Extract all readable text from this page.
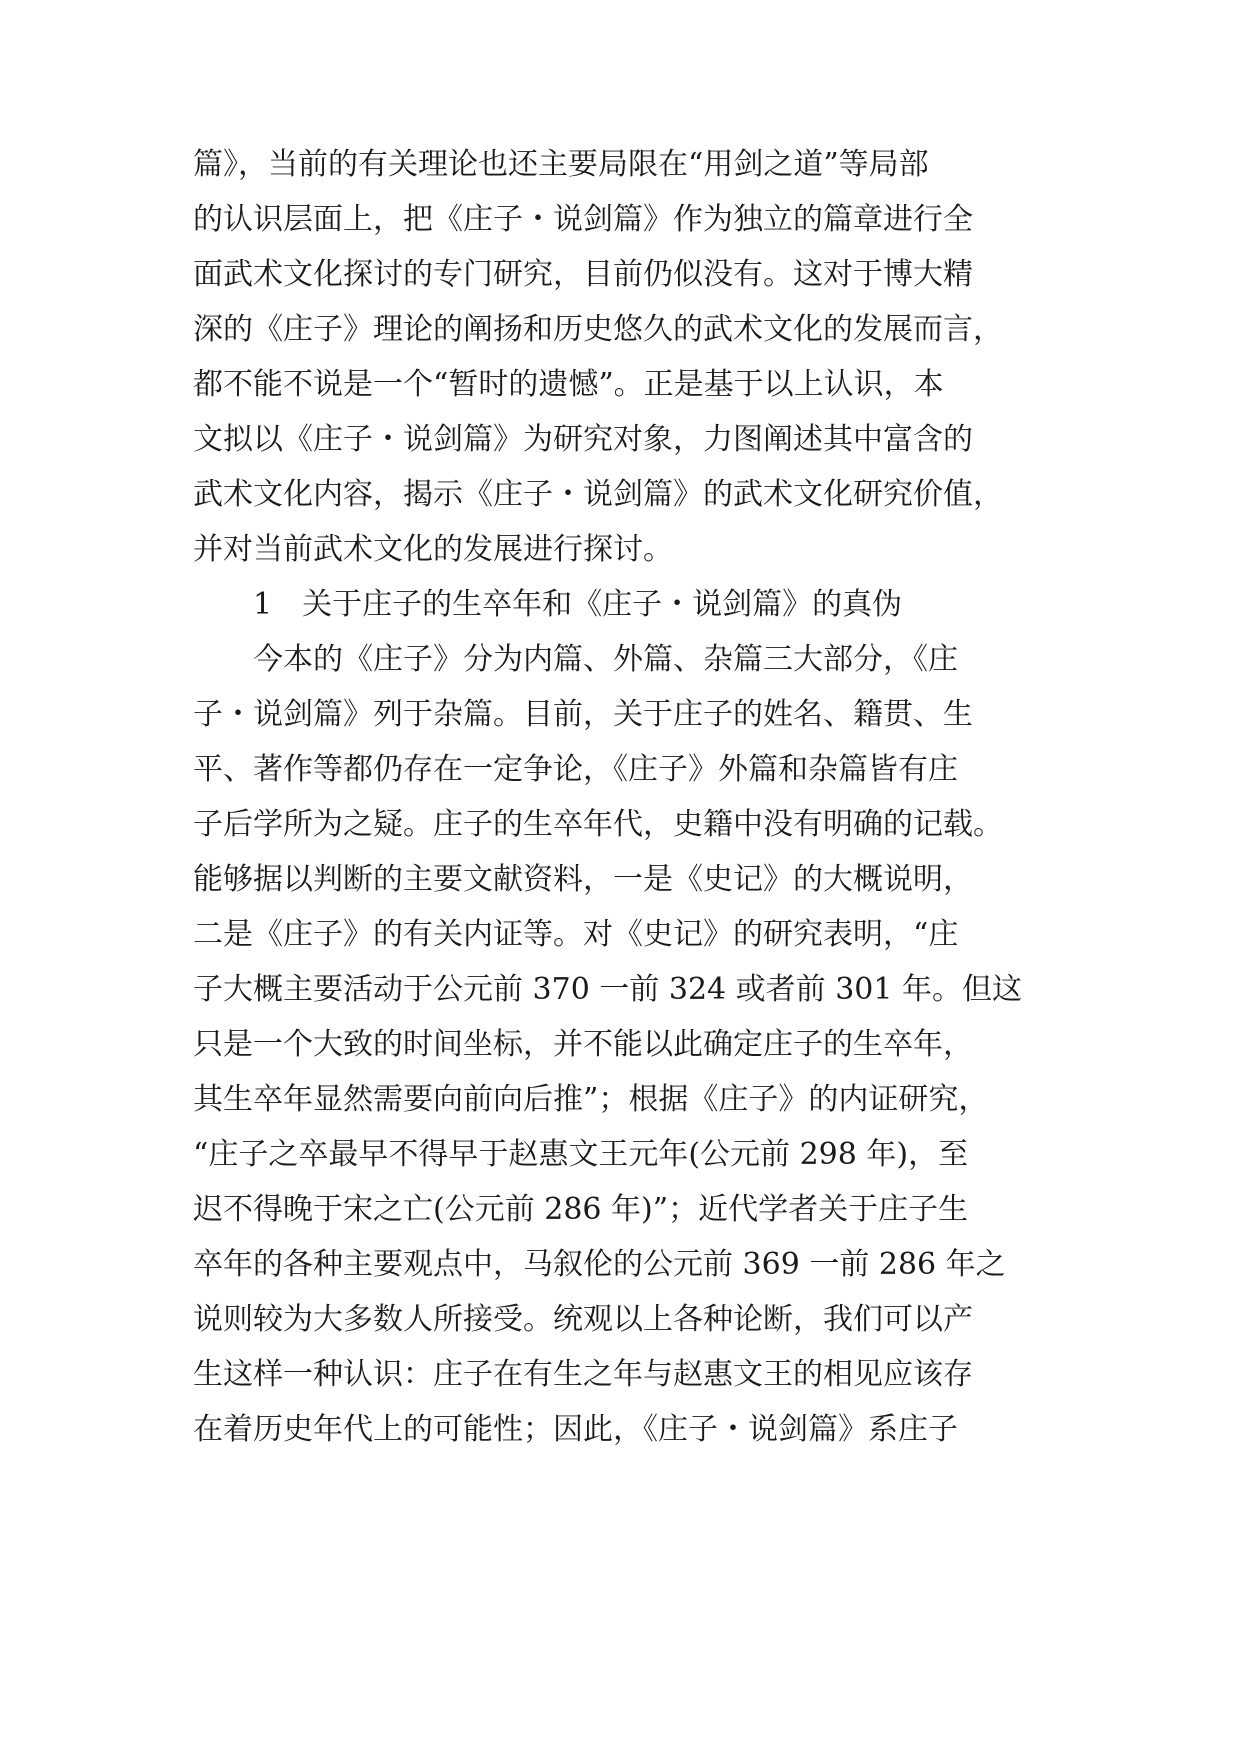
篇》，当前的有关理论也还主要局限在“用剑之道”等局部
的认识层面上，把《庄子・说剑篇》作为独立的篇章进行全
面武术文化探讨的专门研究，目前仍似没有。这对于博大精
深的《庄子》理论的阐扬和历史悠久的武术文化的发展而言，
都不能不说是一个“暂时的遗憾”。正是基于以上认识，本
文拟以《庄子・说剑篇》为研究对象，力图阐述其中富含的
武术文化内容，揭示《庄子・说剑篇》的武术文化研究价值，
并对当前武术文化的发展进行探讨。
1　关于庄子的生卒年和《庄子・说剑篇》的真伪
今本的《庄子》分为内篇、外篇、杂篇三大部分，《庄
子・说剑篇》列于杂篇。目前，关于庄子的姓名、籍贯、生
平、著作等都仍存在一定争论，《庄子》外篇和杂篇皆有庄
子后学所为之疑。庄子的生卒年代，史籍中没有明确的记载。
能够据以判断的主要文献资料，一是《史记》的大概说明，
二是《庄子》的有关内证等。对《史记》的研究表明，“庄
子大概主要活动于公元前 370 一前 324 或者前 301 年。但这
只是一个大致的时间坐标，并不能以此确定庄子的生卒年，
其生卒年显然需要向前向后推”；根据《庄子》的内证研究，
“庄子之卒最早不得早于赵惠文王元年(公元前 298 年)，至
迟不得晚于宋之亡(公元前 286 年)”；近代学者关于庄子生
卒年的各种主要观点中，马叙伦的公元前 369 一前 286 年之
说则较为大多数人所接受。统观以上各种论断，我们可以产
生这样一种认识：庄子在有生之年与赵惠文王的相见应该存
在着历史年代上的可能性；因此，《庄子・说剑篇》系庄子
